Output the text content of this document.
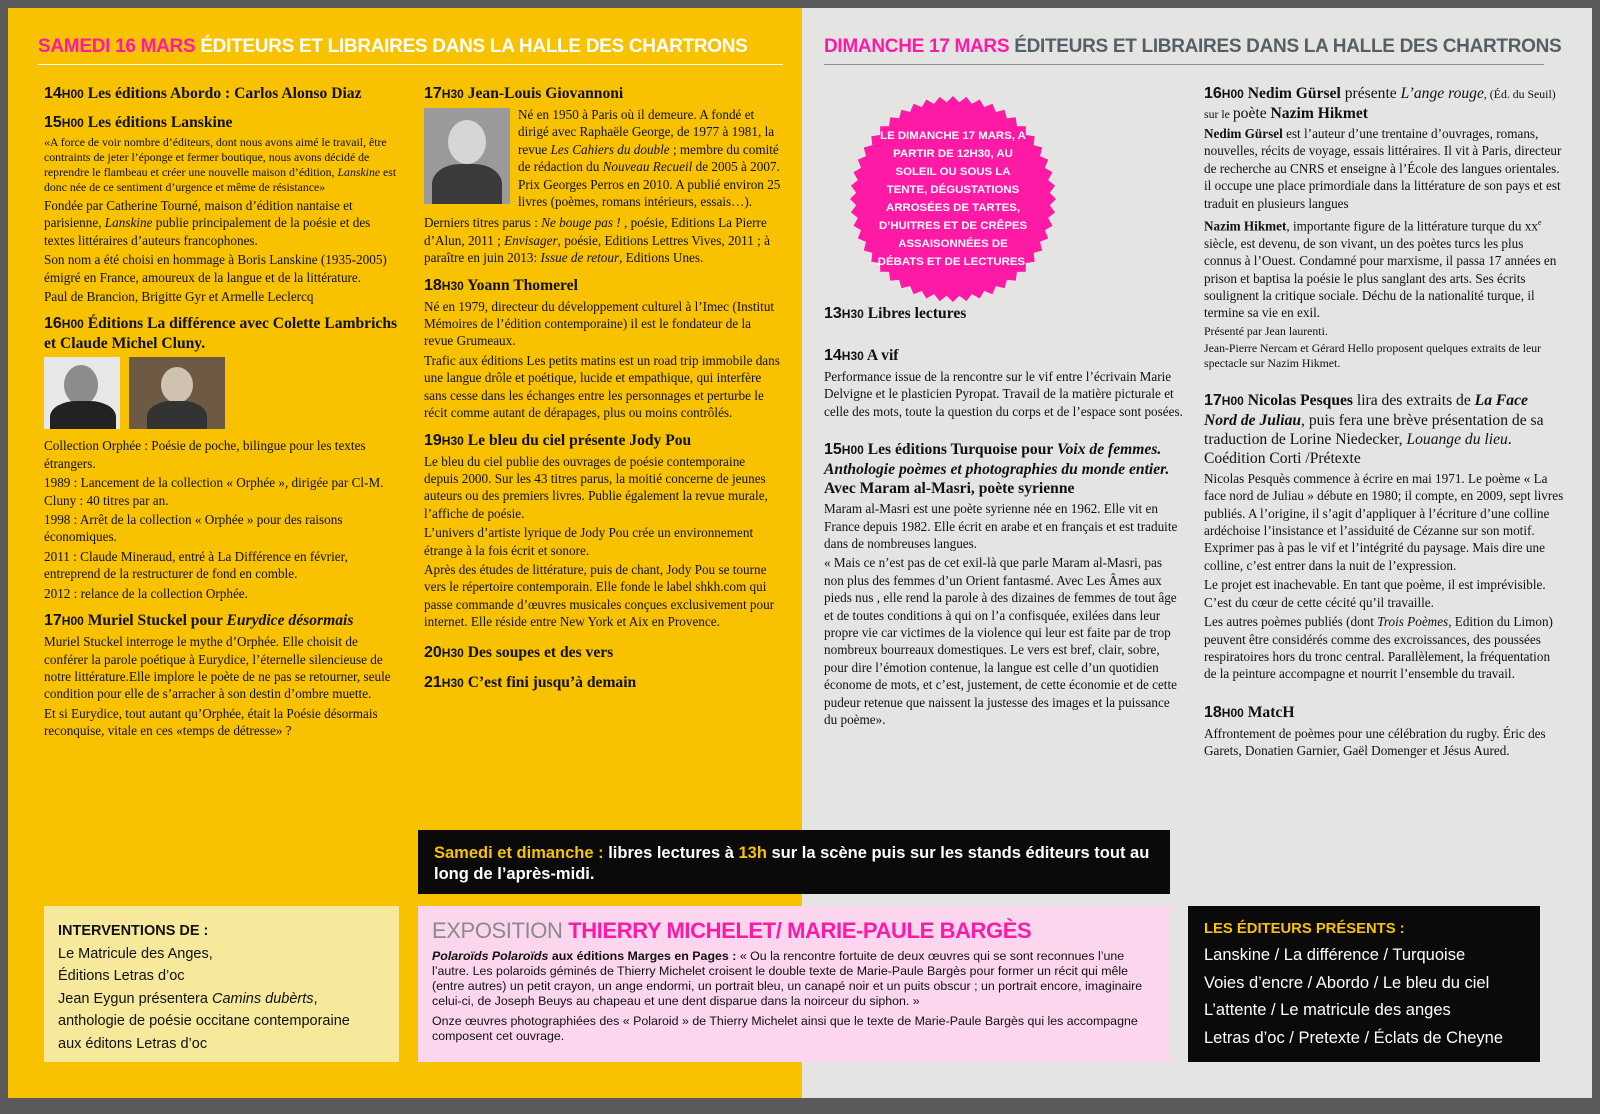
SAMEDI 16 MARS ÉDITEURS ET LIBRAIRES DANS LA HALLE DES CHARTRONS	DIMANCHE 17 MARS ÉDITEURS ET LIBRAIRES DANS LA HALLE DES CHARTRONS
14H00 Les éditions Abordo : Carlos Alonso Diaz
15H00 Les éditions Lanskine

«A force de voir nombre d’éditeurs, dont nous avons aimé le travail, être contraints de jeter l’éponge et fermer boutique, nous avons décidé de reprendre le flambeau et créer une nouvelle maison d’édition, Lanskine est donc née de ce sentiment d’urgence et même de résistance»

Fondée par Catherine Tourné, maison d’édition nantaise et parisienne, Lanskine publie principalement de la poésie et des textes littéraires d’auteurs francophones.

Son nom a été choisi en hommage à Boris Lanskine (1935-2005) émigré en France, amoureux de la langue et de la littérature.

Paul de Brancion, Brigitte Gyr et Armelle Leclercq

16H00 Éditions La différence avec Colette Lambrichs et Claude Michel Cluny.

Collection Orphée : Poésie de poche, bilingue pour les textes étrangers.

1989 : Lancement de la collection « Orphée », dirigée par Cl-M. Cluny : 40 titres par an.

1998 : Arrêt de la collection « Orphée » pour des raisons économiques.

2011 : Claude Mineraud, entré à La Différence en février, entreprend de la restructurer de fond en comble.

2012 : relance de la collection Orphée.

17H00 Muriel Stuckel pour Eurydice désormais

Muriel Stuckel interroge le mythe d’Orphée. Elle choisit de conférer la parole poétique à Eurydice, l’éternelle silencieuse de notre littérature.Elle implore le poète de ne pas se retourner, seule condition pour elle de s’arracher à son destin d’ombre muette.

Et si Eurydice, tout autant qu’Orphée, était la Poésie désormais reconquise, vitale en ces «temps de détresse» ?

17H30 Jean-Louis Giovannoni

Né en 1950 à Paris où il demeure. A fondé et dirigé avec Raphaële George, de 1977 à 1981, la revue Les Cahiers du double ; membre du comité de rédaction du Nouveau Recueil de 2005 à 2007. Prix Georges Perros en 2010. A publié environ 25 livres (poèmes, romans intérieurs, essais…).

Derniers titres parus : Ne bouge pas ! , poésie, Editions La Pierre d’Alun, 2011 ; Envisager, poésie, Editions Lettres Vives, 2011 ; à paraître en juin 2013: Issue de retour, Editions Unes.

18H30 Yoann Thomerel

Né en 1979, directeur du développement culturel à l’Imec (Institut Mémoires de l’édition contemporaine) il est le fondateur de la revue Grumeaux.

Trafic aux éditions Les petits matins est un road trip immobile dans une langue drôle et poétique, lucide et empathique, qui interfère sans cesse dans les échanges entre les personnages et perturbe le récit comme autant de dérapages, plus ou moins contrôlés.

19H30 Le bleu du ciel présente Jody Pou

Le bleu du ciel publie des ouvrages de poésie contemporaine depuis 2000. Sur les 43 titres parus, la moitié concerne de jeunes auteurs ou des premiers livres. Publie également la revue murale, l’affiche de poésie.

L’univers d’artiste lyrique de Jody Pou crée un environnement étrange à la fois écrit et sonore.

Après des études de littérature, puis de chant, Jody Pou se tourne vers le répertoire contemporain. Elle fonde le label shkh.com qui passe commande d’œuvres musicales conçues exclusivement pour internet. Elle réside entre New York et Aix en Provence.

20H30 Des soupes et des vers
21H30 C’est fini jusqu’à demain
LE DIMANCHE 17 MARS, A PARTIR DE 12H30, AU SOLEIL OU SOUS LA TENTE, DÉGUSTATIONS ARROSÉES DE TARTES, D’HUITRES ET DE CRÊPES ASSAISONNÉES DE DÉBATS ET DE LECTURES.
13H30 Libres lectures
14H30 A vif

Performance issue de la rencontre sur le vif entre l’écrivain Marie Delvigne et le plasticien Pyropat. Travail de la matière picturale et celle des mots, toute la question du corps et de l’espace sont posées.

15H00 Les éditions Turquoise pour Voix de femmes. Anthologie poèmes et photographies du monde entier. Avec Maram al-Masri, poète syrienne

Maram al-Masri est une poète syrienne née en 1962. Elle vit en France depuis 1982. Elle écrit en arabe et en français et est traduite dans de nombreuses langues.

« Mais ce n’est pas de cet exil-là que parle Maram al-Masri, pas non plus des femmes d’un Orient fantasmé. Avec Les Âmes aux pieds nus , elle rend la parole à des dizaines de femmes de tout âge et de toutes conditions à qui on l’a confisquée, exilées dans leur propre vie car victimes de la violence qui leur est faite par de trop nombreux bourreaux domestiques. Le vers est bref, clair, sobre, pour dire l’émotion contenue, la langue est celle d’un quotidien économe de mots, et c’est, justement, de cette économie et de cette pudeur retenue que naissent la justesse des images et la puissance du poème».

16H00 Nedim Gürsel présente L’ange rouge, (Éd. du Seuil) sur le poète Nazim Hikmet

Nedim Gürsel est l’auteur d’une trentaine d’ouvrages, romans, nouvelles, récits de voyage, essais littéraires. Il vit à Paris, directeur de recherche au CNRS et enseigne à l’École des langues orientales. il occupe une place primordiale dans la littérature de son pays et est traduit en plusieurs langues

Nazim Hikmet, importante figure de la littérature turque du $xx^e$ siècle, est devenu, de son vivant, un des poètes turcs les plus connus à l’Ouest. Condamné pour marxisme, il passa 17 années en prison et baptisa la poésie le plus sanglant des arts. Ses écrits soulignent la critique sociale. Déchu de la nationalité turque, il termine sa vie en exil.

Présenté par Jean laurenti.

Jean-Pierre Nercam et Gérard Hello proposent quelques extraits de leur spectacle sur Nazim Hikmet.

17H00 Nicolas Pesques lira des extraits de La Face Nord de Juliau, puis fera une brève présentation de sa traduction de Lorine Niedecker, Louange du lieu. Coédition Corti /Prétexte

Nicolas Pesquès commence à écrire en mai 1971. Le poème « La face nord de Juliau » débute en 1980; il compte, en 2009, sept livres publiés. A l’origine, il s’agit d’appliquer à l’écriture d’une colline ardéchoise l’insistance et l’assiduité de Cézanne sur son motif. Exprimer pas à pas le vif et l’intégrité du paysage. Mais dire une colline, c’est entrer dans la nuit de l’expression.

Le projet est inachevable. En tant que poème, il est imprévisible. C’est du cœur de cette cécité qu’il travaille.

Les autres poèmes publiés (dont Trois Poèmes, Edition du Limon) peuvent être considérés comme des excroissances, des poussées respiratoires hors du tronc central. Parallèlement, la fréquentation de la peinture accompagne et nourrit l’ensemble du travail.

18H00 MatcH

Affrontement de poèmes pour une célébration du rugby. Éric des Garets, Donatien Garnier, Gaël Domenger et Jésus Aured.

Samedi et dimanche : libres lectures à 13h sur la scène puis sur les stands éditeurs tout au long de l’après-midi.
INTERVENTIONS DE :
Le Matricule des Anges,
Éditions Letras d’oc
Jean Eygun présentera Camins dubèrts,
anthologie de poésie occitane contemporaine
aux éditons Letras d’oc
EXPOSITION THIERRY MICHELET/ MARIE-PAULE BARGÈS

Polaroïds Polaroïds aux éditions Marges en Pages : « Ou la rencontre fortuite de deux œuvres qui se sont reconnues l’une l’autre. Les polaroids géminés de Thierry Michelet croisent le double texte de Marie-Paule Bargès pour former un récit qui mêle (entre autres) un petit crayon, un ange endormi, un portrait bleu, un canapé noir et un puits obscur ; un portrait encore, imaginaire celui-ci, de Joseph Beuys au chapeau et une dent disparue dans la noirceur du siphon. »

Onze œuvres photographiées des « Polaroid » de Thierry Michelet ainsi que le texte de Marie-Paule Bargès qui les accompagne composent cet ouvrage.

LES ÉDITEURS PRÉSENTS :
Lanskine / La différence / Turquoise
Voies d’encre / Abordo / Le bleu du ciel
L’attente / Le matricule des anges
Letras d’oc / Pretexte / Éclats de Cheyne
